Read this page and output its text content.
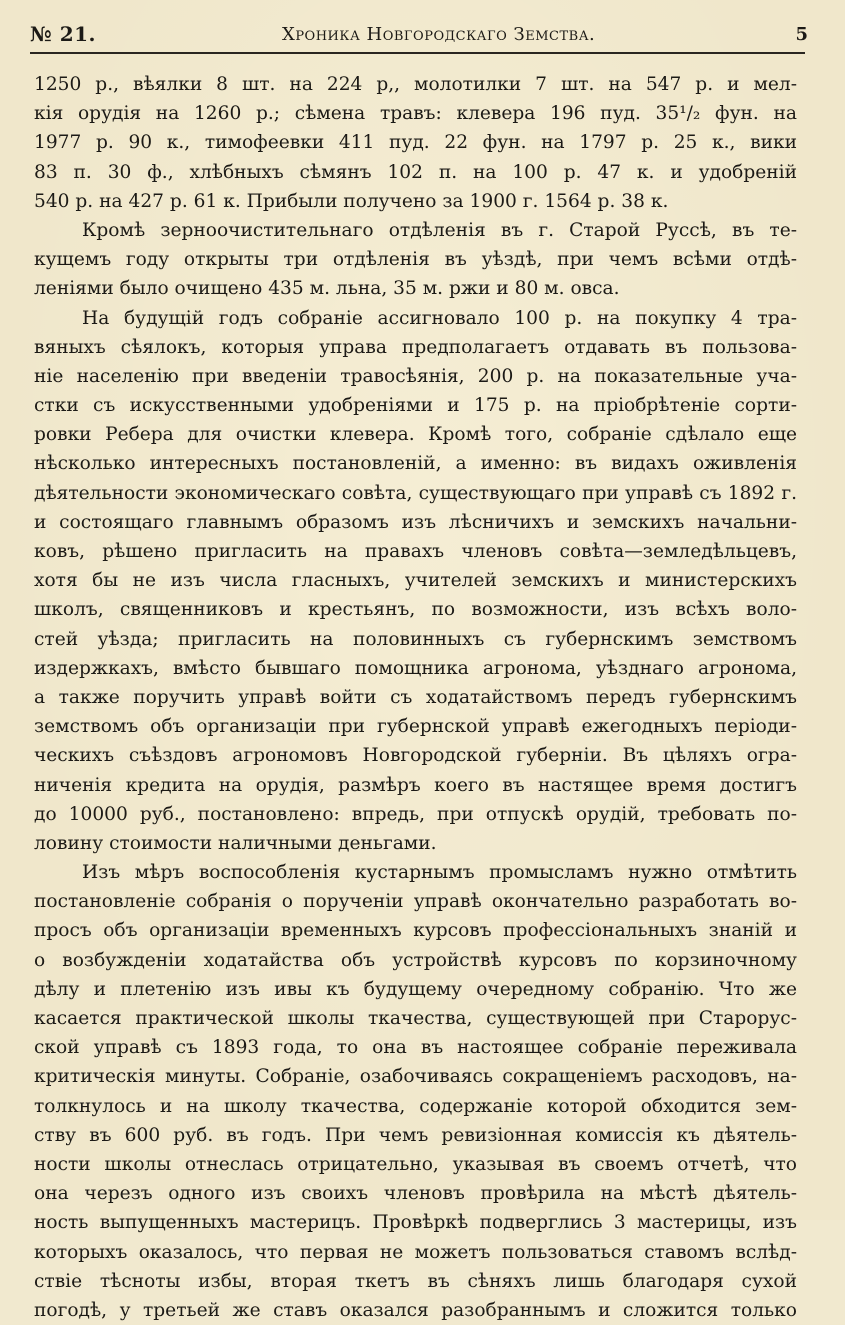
№ 21.	Хроника Новгородскаго Земства.	5
1250 р., вѣялки 8 шт. на 224 р,, молотилки 7 шт. на 547 р. и мел-
кія орудія на 1260 р.; сѣмена травъ: клевера 196 пуд. 35¹/₂ фун. на
1977 р. 90 к., тимофеевки 411 пуд. 22 фун. на 1797 р. 25 к., вики
83 п. 30 ф., хлѣбныхъ сѣмянъ 102 п. на 100 р. 47 к. и удобреній
540 р. на 427 р. 61 к. Прибыли получено за 1900 г. 1564 р. 38 к.
Кромѣ зерноочистительнаго отдѣленія въ г. Старой Руссѣ, въ те-
кущемъ году открыты три отдѣленія въ уѣздѣ, при чемъ всѣми отдѣ-
леніями было очищено 435 м. льна, 35 м. ржи и 80 м. овса.
На будущій годъ собраніе ассигновало 100 р. на покупку 4 тра-
вяныхъ сѣялокъ, которыя управа предполагаетъ отдавать въ пользова-
ніе населенію при введеніи травосѣянія, 200 р. на показательные уча-
стки съ искусственными удобреніями и 175 р. на пріобрѣтеніе сорти-
ровки Ребера для очистки клевера. Кромѣ того, собраніе сдѣлало еще
нѣсколько интересныхъ постановленій, а именно: въ видахъ оживленія
дѣятельности экономическаго совѣта, существующаго при управѣ съ 1892 г.
и состоящаго главнымъ образомъ изъ лѣсничихъ и земскихъ начальни-
ковъ, рѣшено пригласить на правахъ членовъ совѣта—земледѣльцевъ,
хотя бы не изъ числа гласныхъ, учителей земскихъ и министерскихъ
школъ, священниковъ и крестьянъ, по возможности, изъ всѣхъ воло-
стей уѣзда; пригласить на половинныхъ съ губернскимъ земствомъ
издержкахъ, вмѣсто бывшаго помощника агронома, уѣзднаго агронома,
а также поручить управѣ войти съ ходатайствомъ передъ губернскимъ
земствомъ объ организаціи при губернской управѣ ежегодныхъ періоди-
ческихъ съѣздовъ агрономовъ Новгородской губерніи. Въ цѣляхъ огра-
ниченія кредита на орудія, размѣръ коего въ настящее время достигъ
до 10000 руб., постановлено: впредь, при отпускѣ орудій, требовать по-
ловину стоимости наличными деньгами.
Изъ мѣръ воспособленія кустарнымъ промысламъ нужно отмѣтить
постановленіе собранія о порученіи управѣ окончательно разработать во-
просъ объ организаціи временныхъ курсовъ профессіональныхъ знаній и
о возбужденіи ходатайства объ устройствѣ курсовъ по корзиночному
дѣлу и плетенію изъ ивы къ будущему очередному собранію. Что же
касается практической школы ткачества, существующей при Старорус-
ской управѣ съ 1893 года, то она въ настоящее собраніе переживала
критическія минуты. Собраніе, озабочиваясь сокращеніемъ расходовъ, на-
толкнулось и на школу ткачества, содержаніе которой обходится зем-
ству въ 600 руб. въ годъ. При чемъ ревизіонная комиссія къ дѣятель-
ности школы отнеслась отрицательно, указывая въ своемъ отчетѣ, что
она черезъ одного изъ своихъ членовъ провѣрила на мѣстѣ дѣятель-
ность выпущенныхъ мастерицъ. Провѣркѣ подверглись 3 мастерицы, изъ
которыхъ оказалось, что первая не можетъ пользоваться ставомъ вслѣд-
ствіе тѣсноты избы, вторая ткетъ въ сѣняхъ лишь благодаря сухой
погодѣ, у третьей же ставъ оказался разобраннымъ и сложится только
